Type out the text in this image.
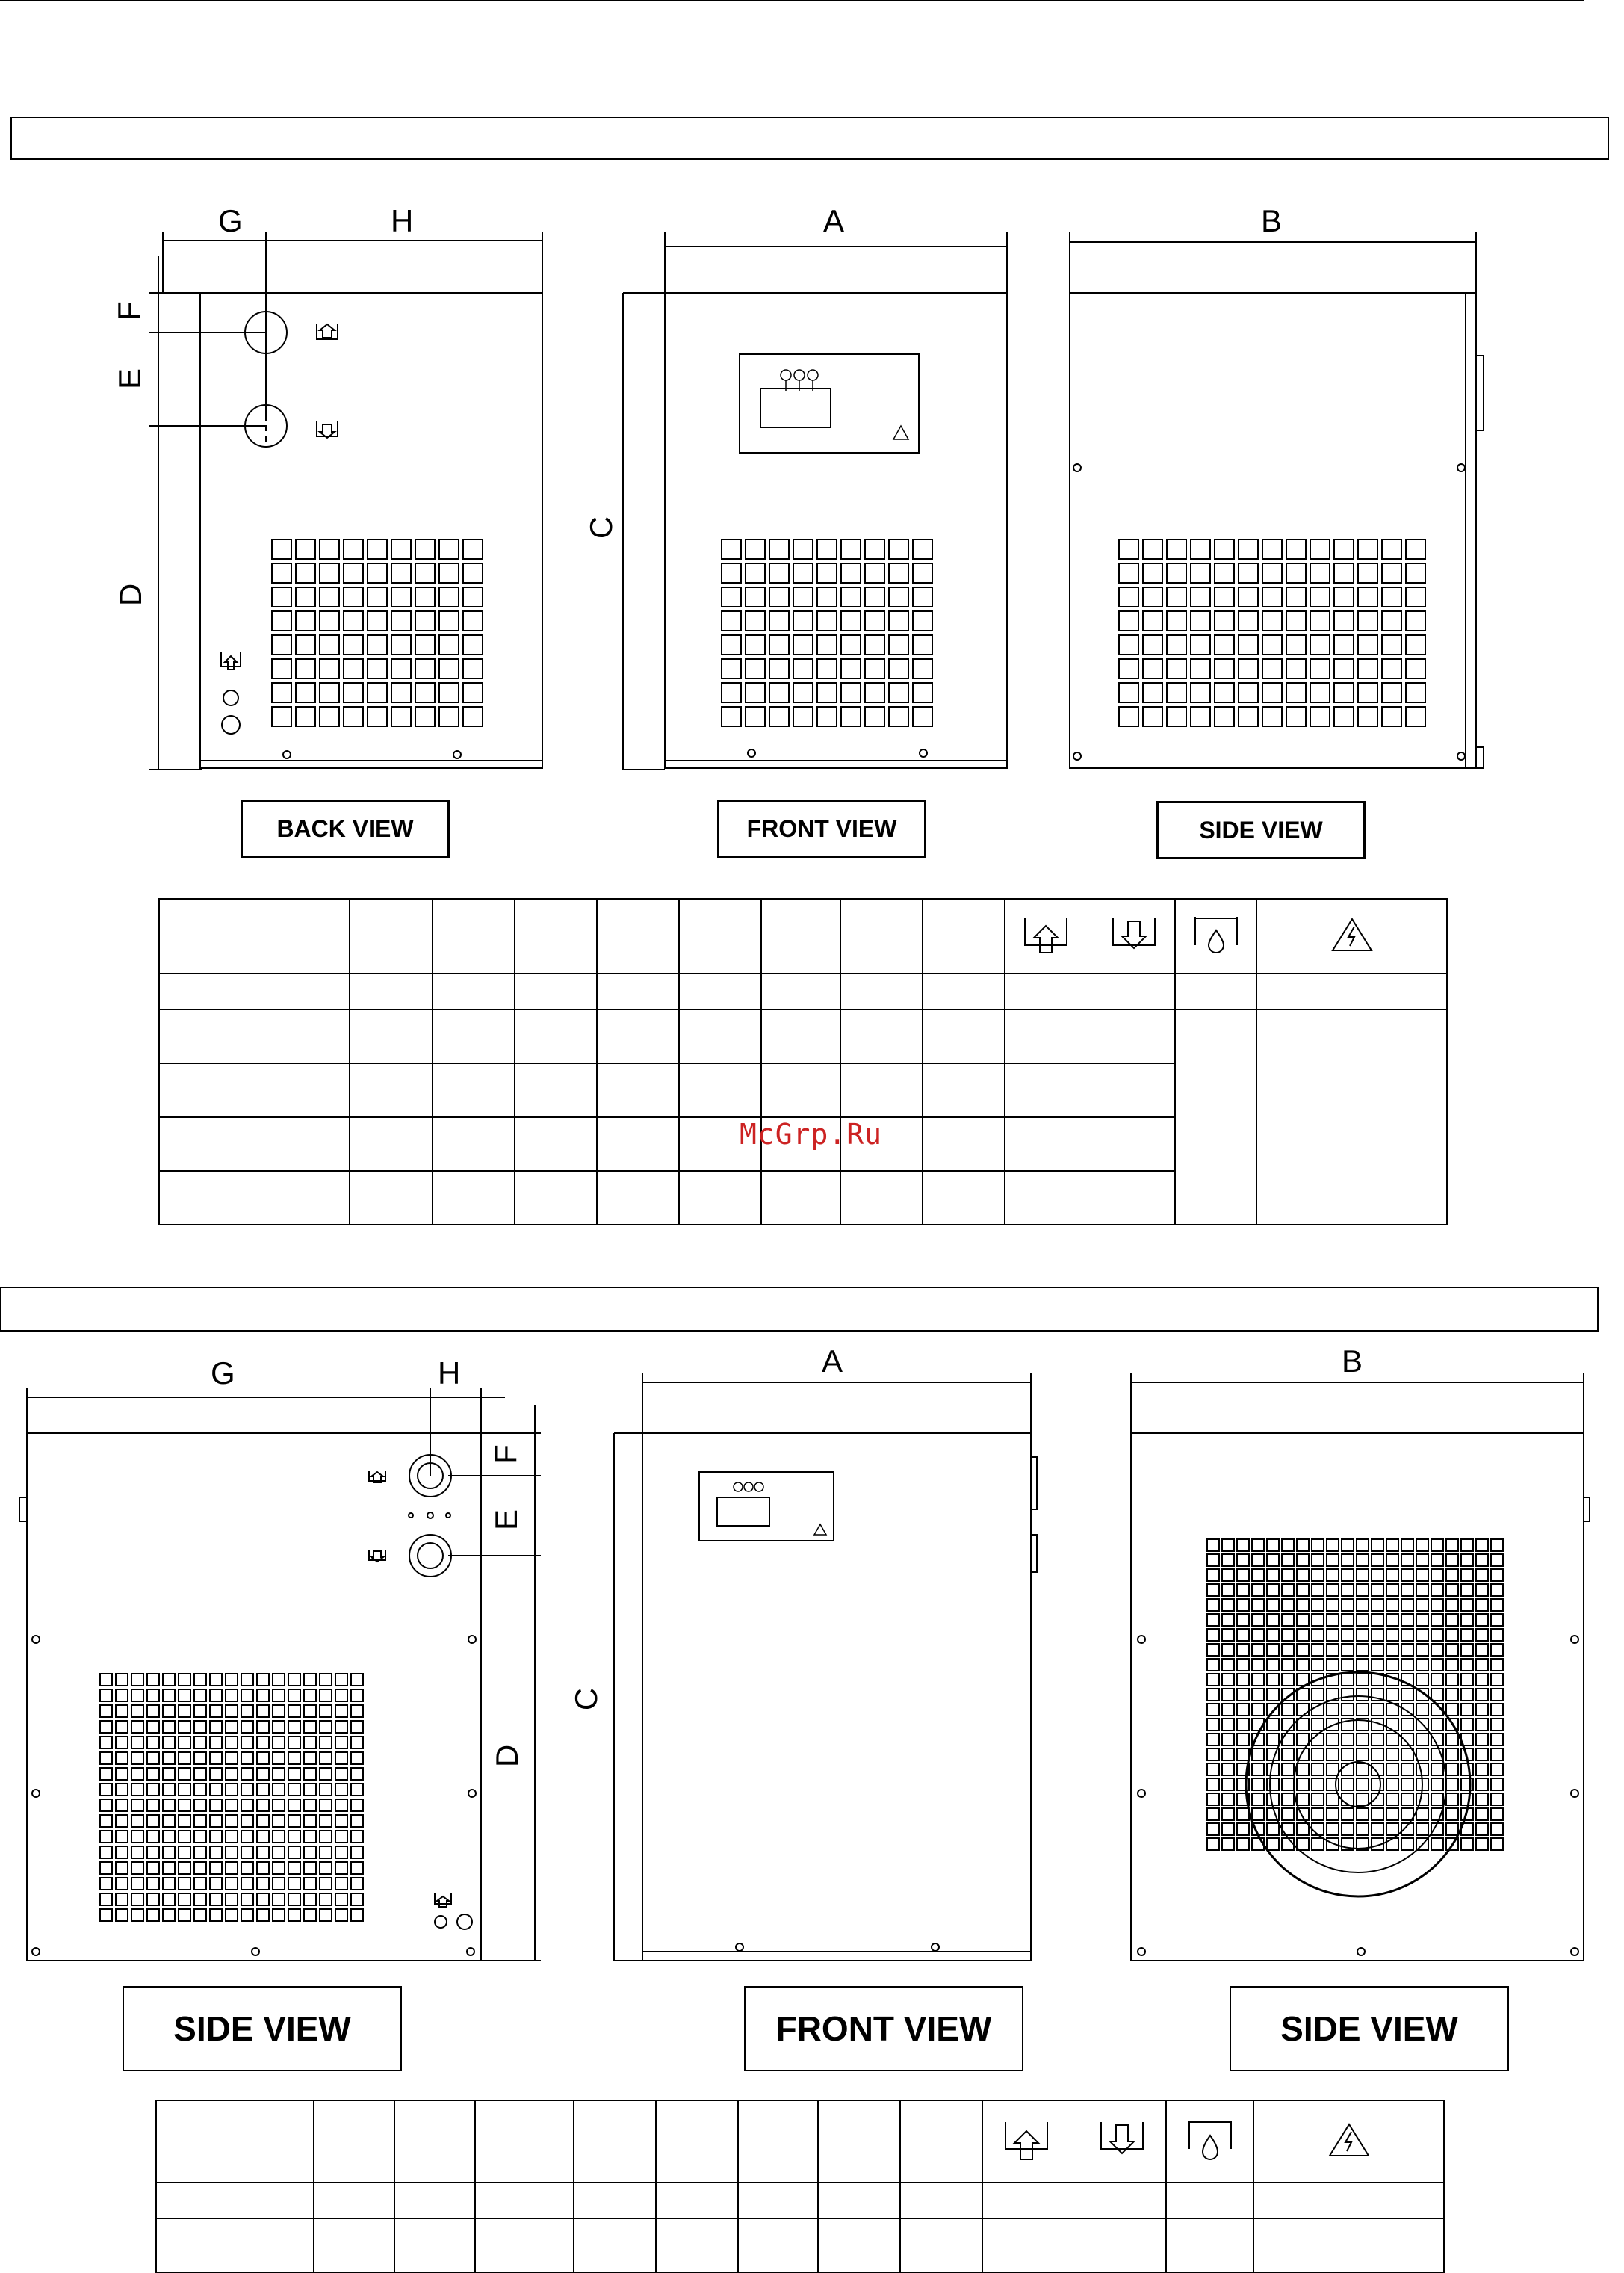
G	H	A	B
F
E
D
C
BACK VIEW	FRONT VIEW	SIDE VIEW

McGrp.Ru
G	H	A	B
F
E
D
C
SIDE VIEW	FRONT VIEW	SIDE VIEW
